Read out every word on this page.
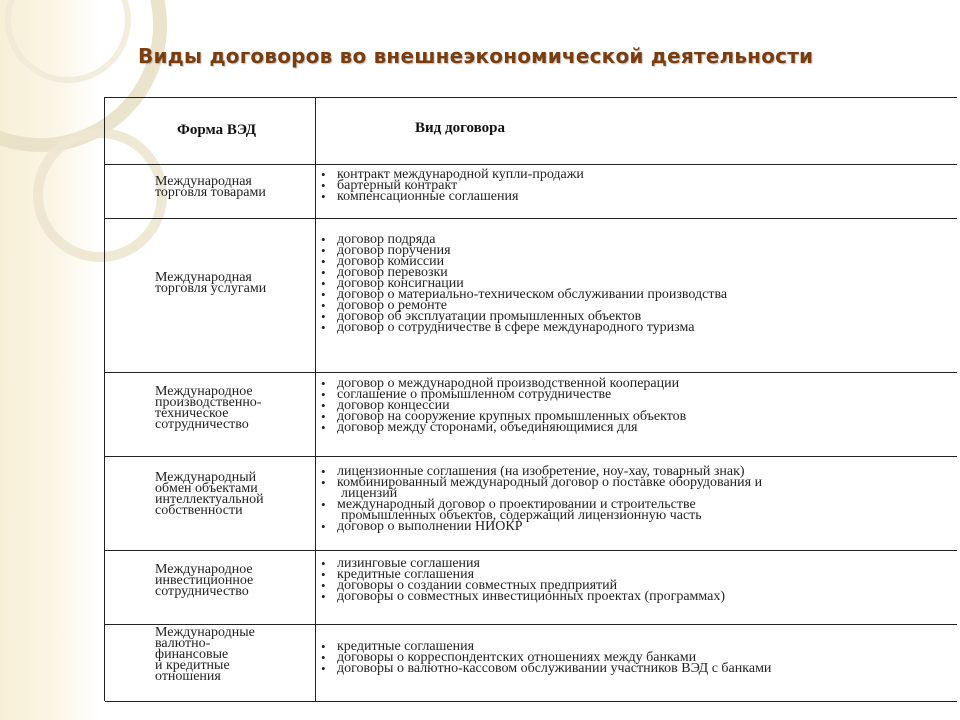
Виды договоров во внешнеэкономической деятельности
Форма ВЭД	Вид договора
Международная
торговля товарами
• контракт международной купли-продажи
• бартерный контракт
• компенсационные соглашения
Международная
торговля услугами
• договор подряда
• договор поручения
• договор комиссии
• договор перевозки
• договор консигнации
• договор о материально-техническом обслуживании производства
• договор о ремонте
• договор об эксплуатации промышленных объектов
• договор о сотрудничестве в сфере международного туризма
Международное
производственно-
техническое
сотрудничество
• договор о международной производственной кооперации
• соглашение о промышленном сотрудничестве
• договор концессии
• договор на сооружение крупных промышленных объектов
• договор между сторонами, объединяющимися для
Международный
обмен объектами
интеллектуальной
собственности
• лицензионные соглашения (на изобретение, ноу-хау, товарный знак)
• комбинированный международный договор о поставке оборудования и
лицензий
• международный договор о проектировании и строительстве
промышленных объектов, содержащий лицензионную часть
• договор о выполнении НИОКР
Международное
инвестиционное
сотрудничество
• лизинговые соглашения
• кредитные соглашения
• договоры о создании совместных предприятий
• договоры о совместных инвестиционных проектах (программах)
Международные
валютно-
финансовые
и кредитные
отношения
• кредитные соглашения
• договоры о корреспондентских отношениях между банками
• договоры о валютно-кассовом обслуживании участников ВЭД с банками
